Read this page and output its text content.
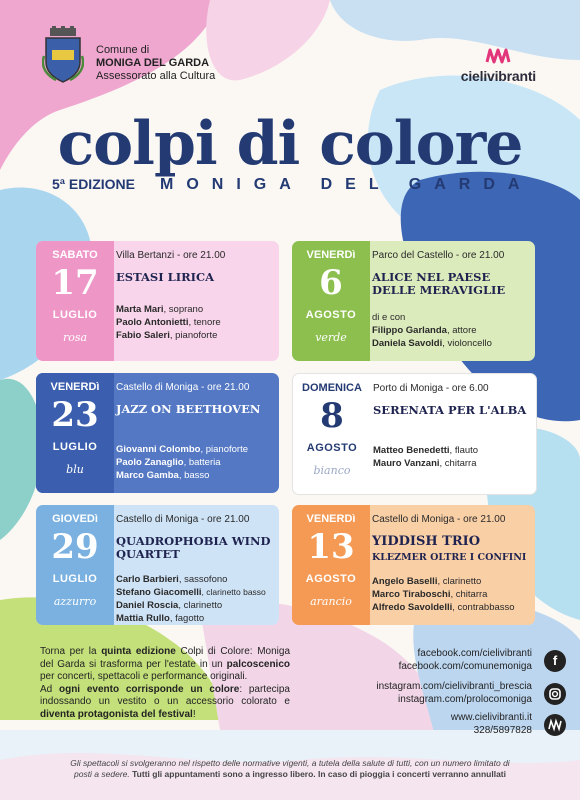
Comune di
MONIGA DEL GARDA
Assessorato alla Cultura	cielivibranti
colpi di colore
5ª EDIZIONE MONIGA DEL GARDA
SABATO
17
LUGLIO
rosa
Villa Bertanzi - ore 21.00
ESTASI LIRICA
Marta Mari, soprano
Paolo Antonietti, tenore
Fabio Saleri, pianoforte
VENERDì
6
AGOSTO
verde
Parco del Castello - ore 21.00
ALICE NEL PAESE DELLE MERAVIGLIE
di e con
Filippo Garlanda, attore
Daniela Savoldi, violoncello
VENERDì
23
LUGLIO
blu
Castello di Moniga - ore 21.00
JAZZ ON BEETHOVEN
Giovanni Colombo, pianoforte
Paolo Zanaglio, batteria
Marco Gamba, basso
DOMENICA
8
AGOSTO
bianco
Porto di Moniga - ore 6.00
SERENATA PER L'ALBA
Matteo Benedetti, flauto
Mauro Vanzani, chitarra
GIOVEDì
29
LUGLIO
azzurro
Castello di Moniga - ore 21.00
QUADROPHOBIA WIND QUARTET
Carlo Barbieri, sassofono
Stefano Giacomelli, clarinetto basso
Daniel Roscia, clarinetto
Mattia Rullo, fagotto
VENERDì
13
AGOSTO
arancio
Castello di Moniga - ore 21.00
YIDDISH TRIO
KLEZMER OLTRE I CONFINI
Angelo Baselli, clarinetto
Marco Tiraboschi, chitarra
Alfredo Savoldelli, contrabbasso
Torna per la quinta edizione Colpi di Colore: Moniga del Garda si trasforma per l'estate in un palcoscenico per concerti, spettacoli e performance originali.
Ad ogni evento corrisponde un colore: partecipa indossando un vestito o un accessorio colorato e diventa protagonista del festival!
facebook.com/cielivibranti
facebook.com/comunemoniga	f
instagram.com/cielivibranti_brescia
instagram.com/prolocomoniga
www.cielivibranti.it
328/5897828
Gli spettacoli si svolgeranno nel rispetto delle normative vigenti, a tutela della salute di tutti, con un numero limitato di
posti a sedere. Tutti gli appuntamenti sono a ingresso libero. In caso di pioggia i concerti verranno annullati
